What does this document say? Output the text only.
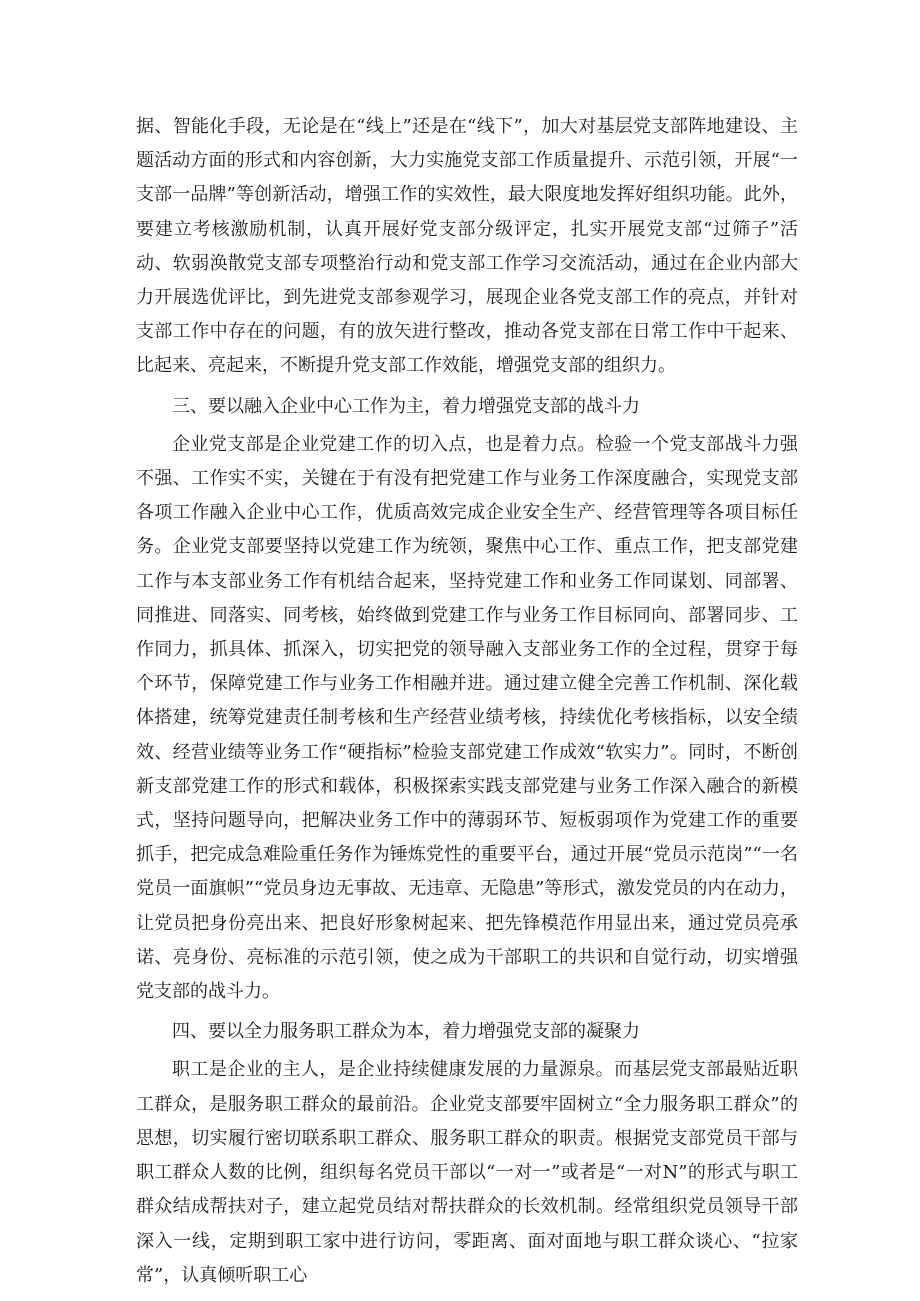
据、智能化手段，无论是在“线上”还是在“线下”，加大对基层党支部阵地建设、主题活动方面的形式和内容创新，大力实施党支部工作质量提升、示范引领，开展“一支部一品牌”等创新活动，增强工作的实效性，最大限度地发挥好组织功能。此外，要建立考核激励机制，认真开展好党支部分级评定，扎实开展党支部“过筛子”活动、软弱涣散党支部专项整治行动和党支部工作学习交流活动，通过在企业内部大力开展选优评比，到先进党支部参观学习，展现企业各党支部工作的亮点，并针对支部工作中存在的问题，有的放矢进行整改，推动各党支部在日常工作中干起来、比起来、亮起来，不断提升党支部工作效能，增强党支部的组织力。

三、要以融入企业中心工作为主，着力增强党支部的战斗力

企业党支部是企业党建工作的切入点，也是着力点。检验一个党支部战斗力强不强、工作实不实，关键在于有没有把党建工作与业务工作深度融合，实现党支部各项工作融入企业中心工作，优质高效完成企业安全生产、经营管理等各项目标任务。企业党支部要坚持以党建工作为统领，聚焦中心工作、重点工作，把支部党建工作与本支部业务工作有机结合起来，坚持党建工作和业务工作同谋划、同部署、同推进、同落实、同考核，始终做到党建工作与业务工作目标同向、部署同步、工作同力，抓具体、抓深入，切实把党的领导融入支部业务工作的全过程，贯穿于每个环节，保障党建工作与业务工作相融并进。通过建立健全完善工作机制、深化载体搭建，统筹党建责任制考核和生产经营业绩考核，持续优化考核指标，以安全绩效、经营业绩等业务工作“硬指标”检验支部党建工作成效“软实力”。同时，不断创新支部党建工作的形式和载体，积极探索实践支部党建与业务工作深入融合的新模式，坚持问题导向，把解决业务工作中的薄弱环节、短板弱项作为党建工作的重要抓手，把完成急难险重任务作为锤炼党性的重要平台，通过开展“党员示范岗”“一名党员一面旗帜”“党员身边无事故、无违章、无隐患”等形式，激发党员的内在动力，让党员把身份亮出来、把良好形象树起来、把先锋模范作用显出来，通过党员亮承诺、亮身份、亮标准的示范引领，使之成为干部职工的共识和自觉行动，切实增强党支部的战斗力。

四、要以全力服务职工群众为本，着力增强党支部的凝聚力

职工是企业的主人，是企业持续健康发展的力量源泉。而基层党支部最贴近职工群众，是服务职工群众的最前沿。企业党支部要牢固树立“全力服务职工群众”的思想，切实履行密切联系职工群众、服务职工群众的职责。根据党支部党员干部与职工群众人数的比例，组织每名党员干部以“一对一”或者是“一对N”的形式与职工群众结成帮扶对子，建立起党员结对帮扶群众的长效机制。经常组织党员领导干部深入一线，定期到职工家中进行访问，零距离、面对面地与职工群众谈心、“拉家常”，认真倾听职工心
